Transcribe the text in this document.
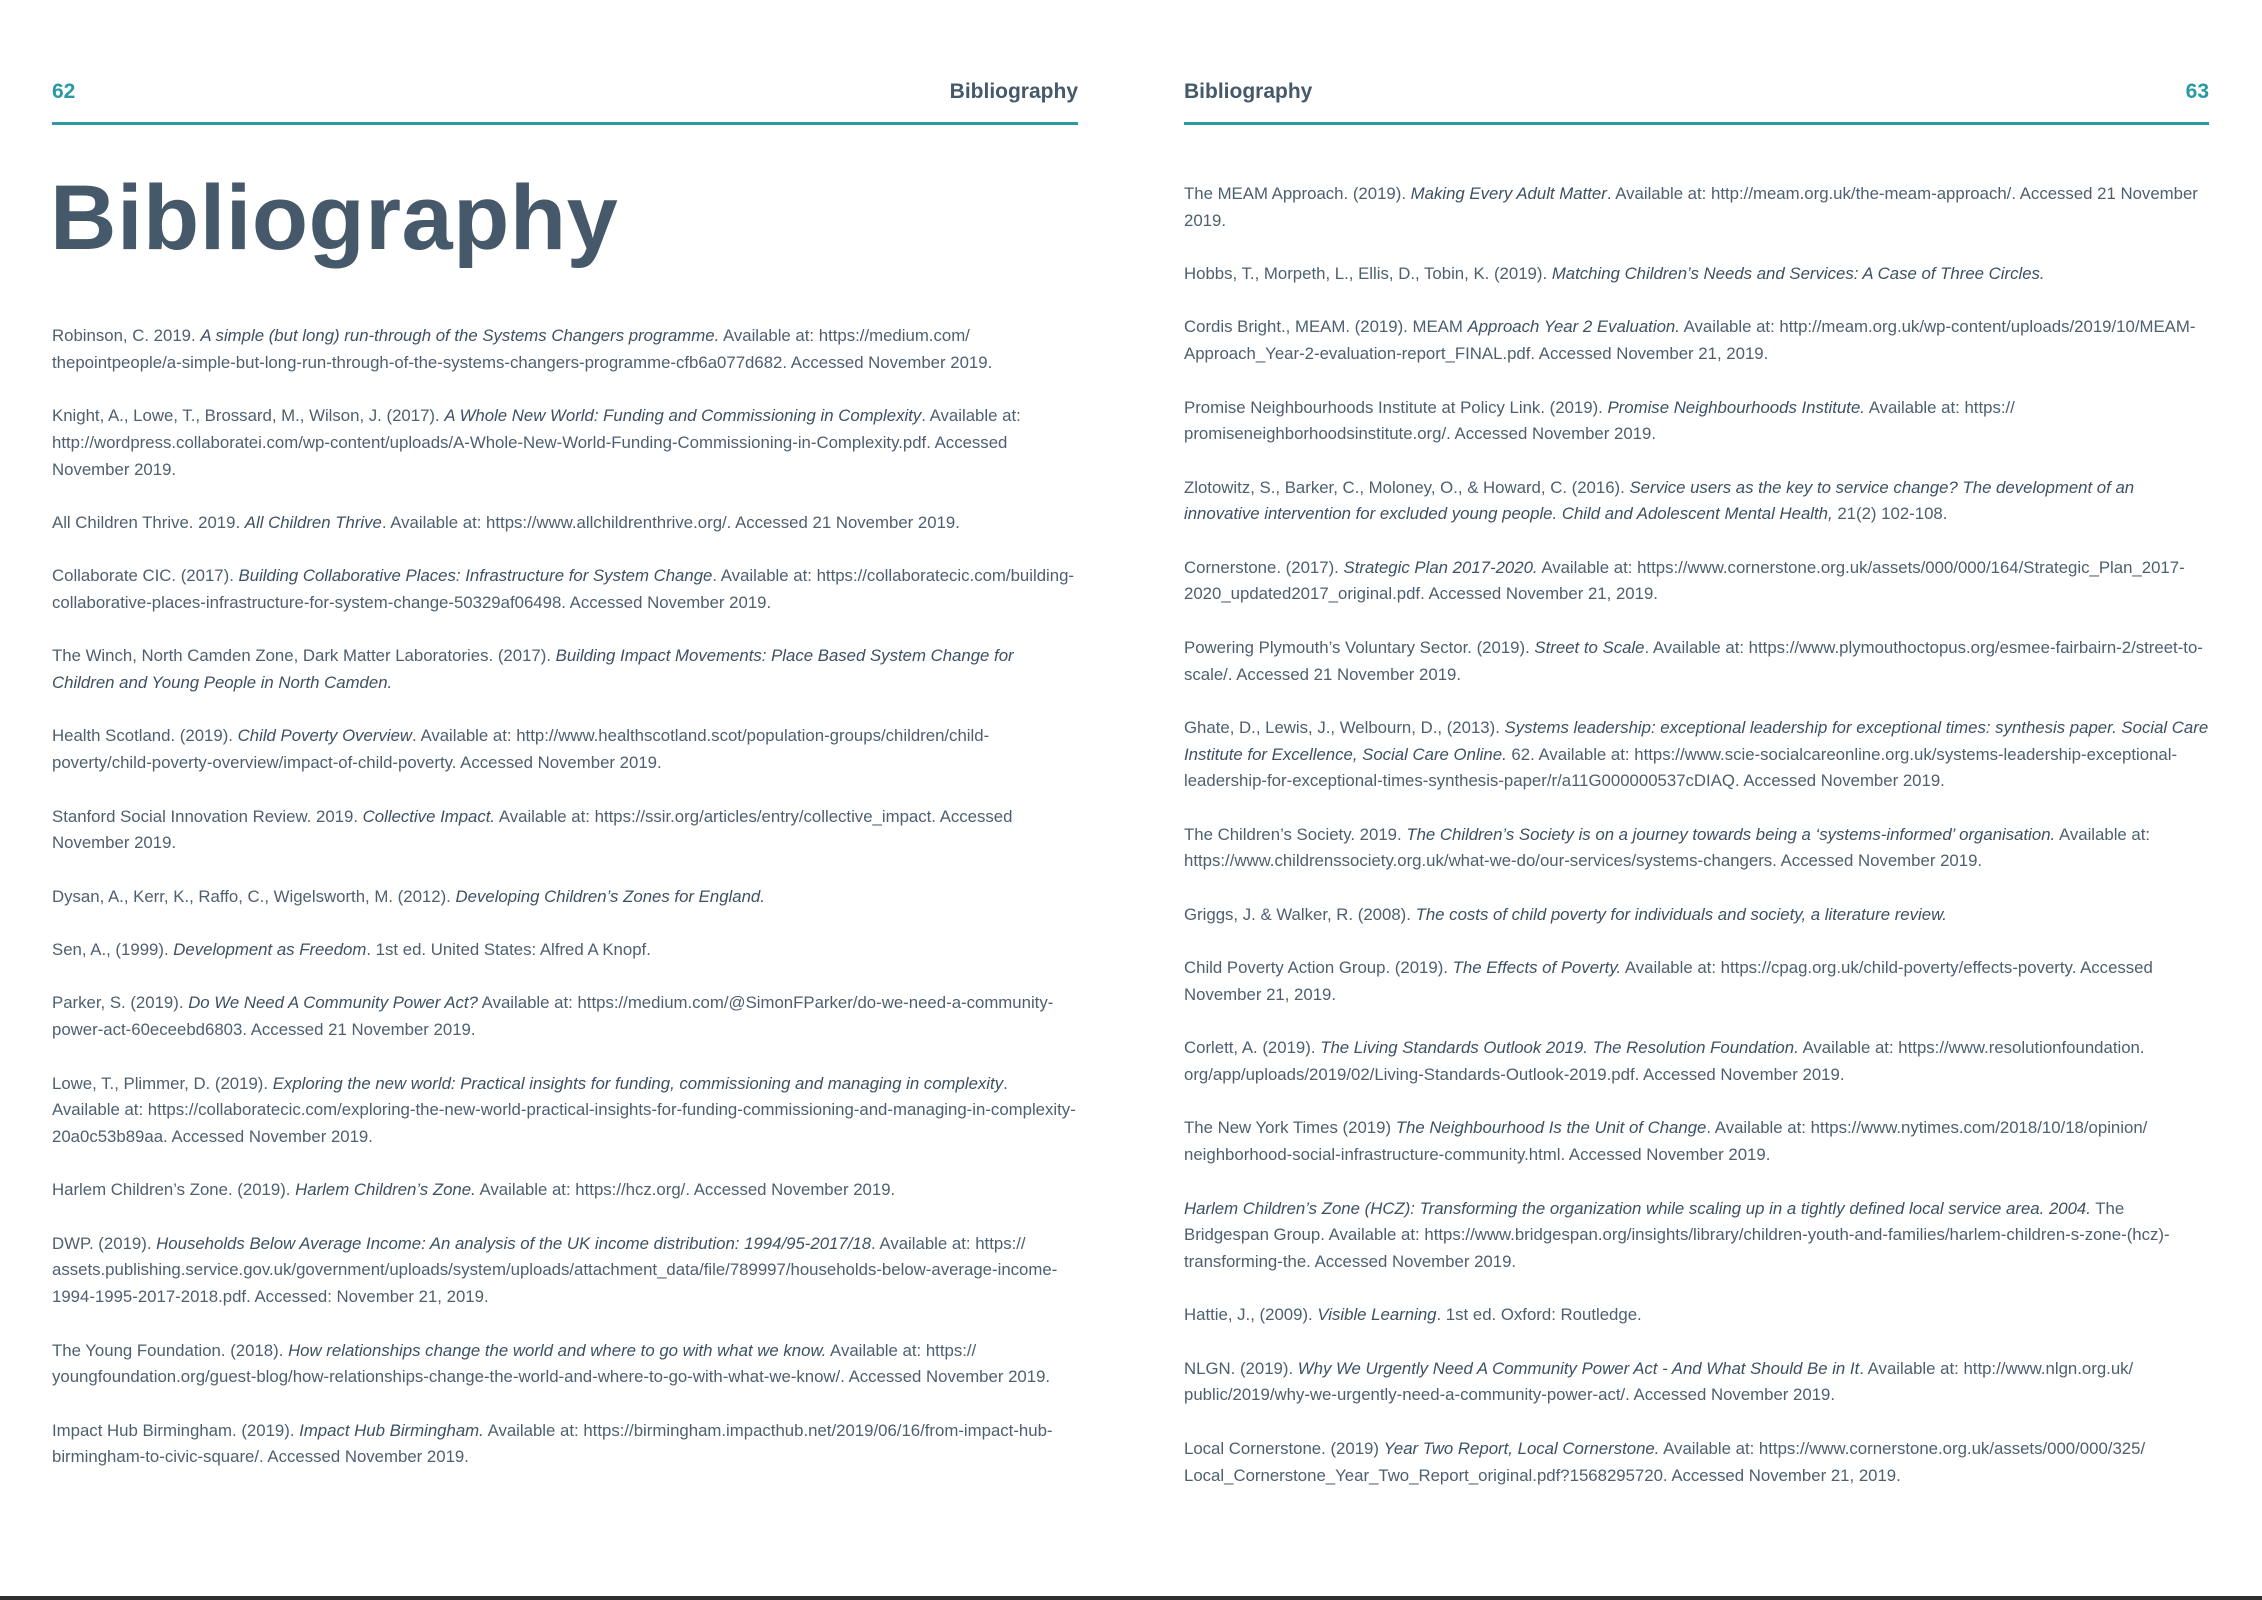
62	Bibliography
Bibliography
Robinson, C. 2019. A simple (but long) run-through of the Systems Changers programme. Available at: https://medium.com/​thepointpeople/a-simple-but-long-run-through-of-the-systems-changers-programme-cfb6a077d682. Accessed November 2019.
Knight, A., Lowe, T., Brossard, M., Wilson, J. (2017). A Whole New World: Funding and Commissioning in Complexity. Available at: http://wordpress.collaboratei.com/wp-content/uploads/A-Whole-New-World-Funding-Commissioning-in-Complexity.pdf. Accessed November 2019.
All Children Thrive. 2019. All Children Thrive. Available at: https://www.allchildrenthrive.org/. Accessed 21 November 2019.
Collaborate CIC. (2017). Building Collaborative Places: Infrastructure for System Change. Available at: https://collaboratecic.com/​building-collaborative-places-infrastructure-for-system-change-50329af06498. Accessed November 2019.
The Winch, North Camden Zone, Dark Matter Laboratories. (2017). Building Impact Movements: Place Based System Change for Children and Young People in North Camden.
Health Scotland. (2019). Child Poverty Overview. Available at: http://www.healthscotland.scot/population-groups/children/child-​poverty/child-poverty-overview/impact-of-child-poverty. Accessed November 2019.
Stanford Social Innovation Review. 2019. Collective Impact. Available at: https://ssir.org/articles/entry/collective_impact. Accessed November 2019.
Dysan, A., Kerr, K., Raffo, C., Wigelsworth, M. (2012). Developing Children’s Zones for England.
Sen, A., (1999). Development as Freedom. 1st ed. United States: Alfred A Knopf.
Parker, S. (2019). Do We Need A Community Power Act? Available at: https://medium.com/@SimonFParker/do-we-need-a-​community-power-act-60eceebd6803. Accessed 21 November 2019.
Lowe, T., Plimmer, D. (2019). Exploring the new world: Practical insights for funding, commissioning and managing in complexity. Available at: https://collaboratecic.com/exploring-the-new-world-practical-insights-for-funding-commissioning-and-managing-in-​complexity-20a0c53b89aa. Accessed November 2019.
Harlem Children’s Zone. (2019). Harlem Children’s Zone. Available at: https://hcz.org/. Accessed November 2019.
DWP. (2019). Households Below Average Income: An analysis of the UK income distribution: 1994/95-2017/18. Available at: https://​assets.publishing.service.gov.uk/government/uploads/system/uploads/attachment_data/file/789997/households-below-average-​income-1994-1995-2017-2018.pdf. Accessed: November 21, 2019.
The Young Foundation. (2018). How relationships change the world and where to go with what we know. Available at: https://​youngfoundation.org/guest-blog/how-relationships-change-the-world-and-where-to-go-with-what-we-know/. Accessed November 2019.
Impact Hub Birmingham. (2019). Impact Hub Birmingham. Available at: https://birmingham.impacthub.net/2019/06/16/from-impact-​hub-birmingham-to-civic-square/. Accessed November 2019.
Bibliography	63
The MEAM Approach. (2019). Making Every Adult Matter. Available at: http://meam.org.uk/the-meam-approach/. Accessed 21 November 2019.
Hobbs, T., Morpeth, L., Ellis, D., Tobin, K. (2019). Matching Children’s Needs and Services: A Case of Three Circles.
Cordis Bright., MEAM. (2019). MEAM Approach Year 2 Evaluation. Available at: http://meam.org.uk/wp-content/uploads/2019/10/​MEAM-Approach_Year-2-evaluation-report_FINAL.pdf. Accessed November 21, 2019.
Promise Neighbourhoods Institute at Policy Link. (2019). Promise Neighbourhoods Institute. Available at: https://​promiseneighborhoodsinstitute.org/. Accessed November 2019.
Zlotowitz, S., Barker, C., Moloney, O., & Howard, C. (2016). Service users as the key to service change? The development of an innovative intervention for excluded young people. Child and Adolescent Mental Health, 21(2) 102-108.
Cornerstone. (2017). Strategic Plan 2017-2020. Available at: https://www.cornerstone.org.uk/assets/000/000/164/Strategic_​Plan_2017-2020_updated2017_original.pdf. Accessed November 21, 2019.
Powering Plymouth’s Voluntary Sector. (2019). Street to Scale. Available at: https://www.plymouthoctopus.org/esmee-fairbairn-2/​street-to-scale/. Accessed 21 November 2019.
Ghate, D., Lewis, J., Welbourn, D., (2013). Systems leadership: exceptional leadership for exceptional times: synthesis paper. Social Care Institute for Excellence, Social Care Online. 62. Available at: https://www.scie-socialcareonline.org.uk/systems-leadership-​exceptional-leadership-for-exceptional-times-synthesis-paper/r/a11G000000537cDIAQ. Accessed November 2019.
The Children’s Society. 2019. The Children’s Society is on a journey towards being a ‘systems-informed’ organisation. Available at: https://www.childrenssociety.org.uk/what-we-do/our-services/systems-changers. Accessed November 2019.
Griggs, J. & Walker, R. (2008). The costs of child poverty for individuals and society, a literature review.
Child Poverty Action Group. (2019). The Effects of Poverty. Available at: https://cpag.org.uk/child-poverty/effects-poverty. Accessed November 21, 2019.
Corlett, A. (2019). The Living Standards Outlook 2019. The Resolution Foundation. Available at: https://www.resolutionfoundation.​org/app/uploads/2019/02/Living-Standards-Outlook-2019.pdf. Accessed November 2019.
The New York Times (2019) The Neighbourhood Is the Unit of Change. Available at: https://www.nytimes.com/2018/10/18/opinion/​neighborhood-social-infrastructure-community.html. Accessed November 2019.
Harlem Children’s Zone (HCZ): Transforming the organization while scaling up in a tightly defined local service area. 2004. The Bridgespan Group. Available at: https://www.bridgespan.org/insights/library/children-youth-and-families/harlem-children-s-zone-​(hcz)-transforming-the. Accessed November 2019.
Hattie, J., (2009). Visible Learning. 1st ed. Oxford: Routledge.
NLGN. (2019). Why We Urgently Need A Community Power Act - And What Should Be in It. Available at: http://www.nlgn.org.uk/​public/2019/why-we-urgently-need-a-community-power-act/. Accessed November 2019.
Local Cornerstone. (2019) Year Two Report, Local Cornerstone. Available at: https://www.cornerstone.org.uk/assets/000/000/325/​Local_Cornerstone_Year_Two_Report_original.pdf?1568295720. Accessed November 21, 2019.
